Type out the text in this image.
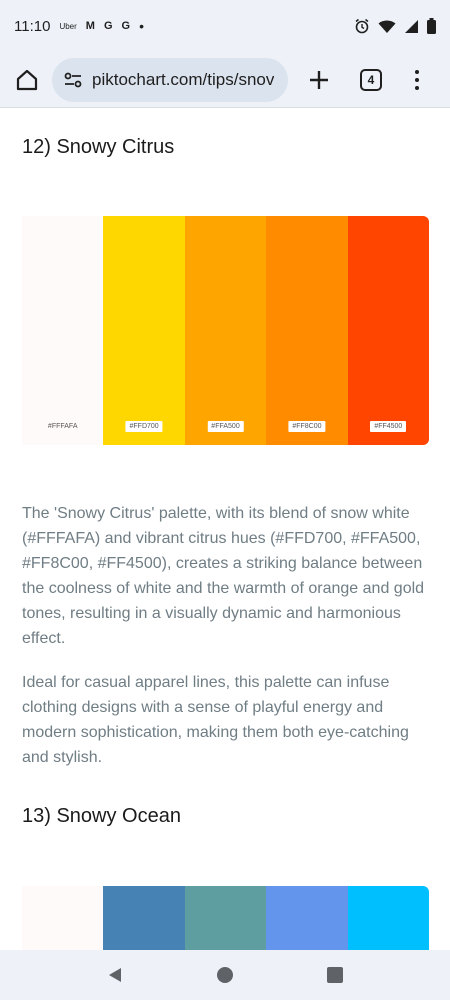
11:10 Uber M G G •
piktochart.com/tips/snov	4
12) Snowy Citrus
#FFFAFA	#FFD700	#FFA500	#FF8C00	#FF4500

The 'Snowy Citrus' palette, with its blend of snow white (#FFFAFA) and vibrant citrus hues (#FFD700, #FFA500, #FF8C00, #FF4500), creates a striking balance between the coolness of white and the warmth of orange and gold tones, resulting in a visually dynamic and harmonious effect.

Ideal for casual apparel lines, this palette can infuse clothing designs with a sense of playful energy and modern sophistication, making them both eye-catching and stylish.

13) Snowy Ocean
